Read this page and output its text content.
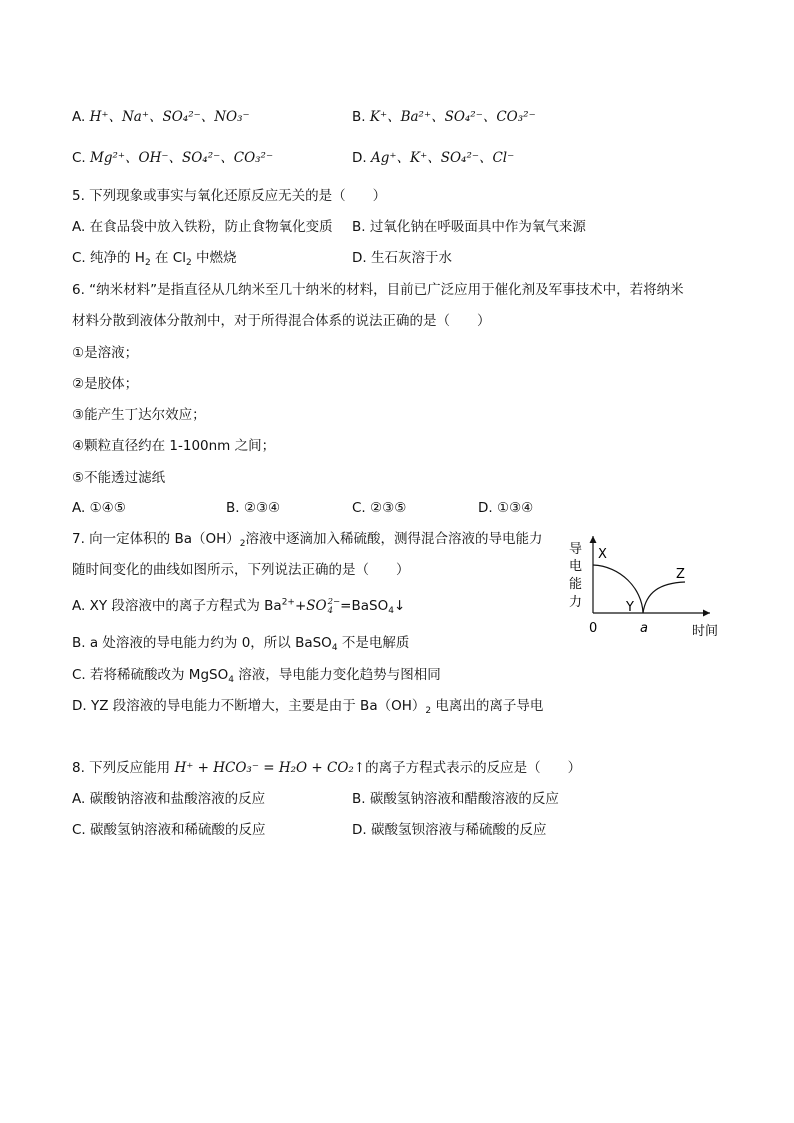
A. H⁺、Na⁺、SO₄²⁻、NO₃⁻	B. K⁺、Ba²⁺、SO₄²⁻、CO₃²⁻
C. Mg²⁺、OH⁻、SO₄²⁻、CO₃²⁻	D. Ag⁺、K⁺、SO₄²⁻、Cl⁻
5. 下列现象或事实与氧化还原反应无关的是（　　）
A. 在食品袋中放入铁粉，防止食物氧化变质 B. 过氧化钠在呼吸面具中作为氧气来源
C. 纯净的 $H_2$ 在 $Cl_2$ 中燃烧	D. 生石灰溶于水
6. “纳米材料”是指直径从几纳米至几十纳米的材料，目前已广泛应用于催化剂及军事技术中，若将纳米
材料分散到液体分散剂中，对于所得混合体系的说法正确的是（　　）
①是溶液；
②是胶体；
③能产生丁达尔效应；
④颗粒直径约在 1-100nm 之间；
⑤不能透过滤纸
A. ①④⑤	B. ②③④	C. ②③⑤	D. ①③④
7. 向一定体积的 $Ba(OH)_2$溶液中逐滴加入稀硫酸，测得混合溶液的导电能力
随时间变化的曲线如图所示，下列说法正确的是（　　）
A. XY 段溶液中的离子方程式为 $Ba^{2+}+SO$ 2−
4 =BaSO$_4$↓
B. a 处溶液的导电能力约为 0，所以 BaSO$_4$ 不是电解质
C. 若将稀硫酸改为 MgSO$_4$ 溶液，导电能力变化趋势与图相同
D. YZ 段溶液的导电能力不断增大，主要是由于 $Ba(OH)_2$ 电离出的离子导电
导
电
能
力
X
Y
Z
0	a	时间
8. 下列反应能用 H⁺ + HCO₃⁻ = H₂O + CO₂↑的离子方程式表示的反应是（　　）
A. 碳酸钠溶液和盐酸溶液的反应	B. 碳酸氢钠溶液和醋酸溶液的反应
C. 碳酸氢钠溶液和稀硫酸的反应	D. 碳酸氢钡溶液与稀硫酸的反应
